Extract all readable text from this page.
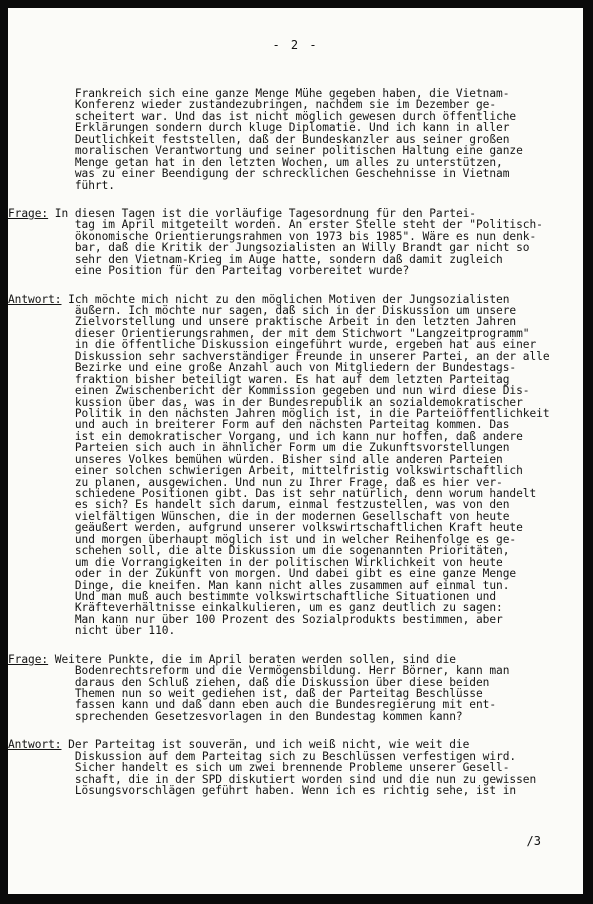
- 2 -
Frankreich sich eine ganze Menge Mühe gegeben haben, die Vietnam-
Konferenz wieder zustandezubringen, nachdem sie im Dezember ge-
scheitert war. Und das ist nicht möglich gewesen durch öffentliche
Erklärungen sondern durch kluge Diplomatie. Und ich kann in aller
Deutlichkeit feststellen, daß der Bundeskanzler aus seiner großen
moralischen Verantwortung und seiner politischen Haltung eine ganze
Menge getan hat in den letzten Wochen, um alles zu unterstützen,
was zu einer Beendigung der schrecklichen Geschehnisse in Vietnam
führt.
Frage: In diesen Tagen ist die vorläufige Tagesordnung für den Partei-
tag im April mitgeteilt worden. An erster Stelle steht der "Politisch-
ökonomische Orientierungsrahmen von 1973 bis 1985". Wäre es nun denk-
bar, daß die Kritik der Jungsozialisten an Willy Brandt gar nicht so
sehr den Vietnam-Krieg im Auge hatte, sondern daß damit zugleich
eine Position für den Parteitag vorbereitet wurde?
Antwort: Ich möchte mich nicht zu den möglichen Motiven der Jungsozialisten
äußern. Ich möchte nur sagen, daß sich in der Diskussion um unsere
Zielvorstellung und unsere praktische Arbeit in den letzten Jahren
dieser Orientierungsrahmen, der mit dem Stichwort "Langzeitprogramm"
in die öffentliche Diskussion eingeführt wurde, ergeben hat aus einer
Diskussion sehr sachverständiger Freunde in unserer Partei, an der alle
Bezirke und eine große Anzahl auch von Mitgliedern der Bundestags-
fraktion bisher beteiligt waren. Es hat auf dem letzten Parteitag
einen Zwischenbericht der Kommission gegeben und nun wird diese Dis-
kussion über das, was in der Bundesrepublik an sozialdemokratischer
Politik in den nächsten Jahren möglich ist, in die Parteiöffentlichkeit
und auch in breiterer Form auf den nächsten Parteitag kommen. Das
ist ein demokratischer Vorgang, und ich kann nur hoffen, daß andere
Parteien sich auch in ähnlicher Form um die Zukunftsvorstellungen
unseres Volkes bemühen würden. Bisher sind alle anderen Parteien
einer solchen schwierigen Arbeit, mittelfristig volkswirtschaftlich
zu planen, ausgewichen. Und nun zu Ihrer Frage, daß es hier ver-
schiedene Positionen gibt. Das ist sehr natürlich, denn worum handelt
es sich? Es handelt sich darum, einmal festzustellen, was von den
vielfältigen Wünschen, die in der modernen Gesellschaft von heute
geäußert werden, aufgrund unserer volkswirtschaftlichen Kraft heute
und morgen überhaupt möglich ist und in welcher Reihenfolge es ge-
schehen soll, die alte Diskussion um die sogenannten Prioritäten,
um die Vorrangigkeiten in der politischen Wirklichkeit von heute
oder in der Zukunft von morgen. Und dabei gibt es eine ganze Menge
Dinge, die kneifen. Man kann nicht alles zusammen auf einmal tun.
Und man muß auch bestimmte volkswirtschaftliche Situationen und
Kräfteverhältnisse einkalkulieren, um es ganz deutlich zu sagen:
Man kann nur über 100 Prozent des Sozialprodukts bestimmen, aber
nicht über 110.
Frage: Weitere Punkte, die im April beraten werden sollen, sind die
Bodenrechtsreform und die Vermögensbildung. Herr Börner, kann man
daraus den Schluß ziehen, daß die Diskussion über diese beiden
Themen nun so weit gediehen ist, daß der Parteitag Beschlüsse
fassen kann und daß dann eben auch die Bundesregierung mit ent-
sprechenden Gesetzesvorlagen in den Bundestag kommen kann?
Antwort: Der Parteitag ist souverän, und ich weiß nicht, wie weit die
Diskussion auf dem Parteitag sich zu Beschlüssen verfestigen wird.
Sicher handelt es sich um zwei brennende Probleme unserer Gesell-
schaft, die in der SPD diskutiert worden sind und die nun zu gewissen
Lösungsvorschlägen geführt haben. Wenn ich es richtig sehe, ist in
/3
